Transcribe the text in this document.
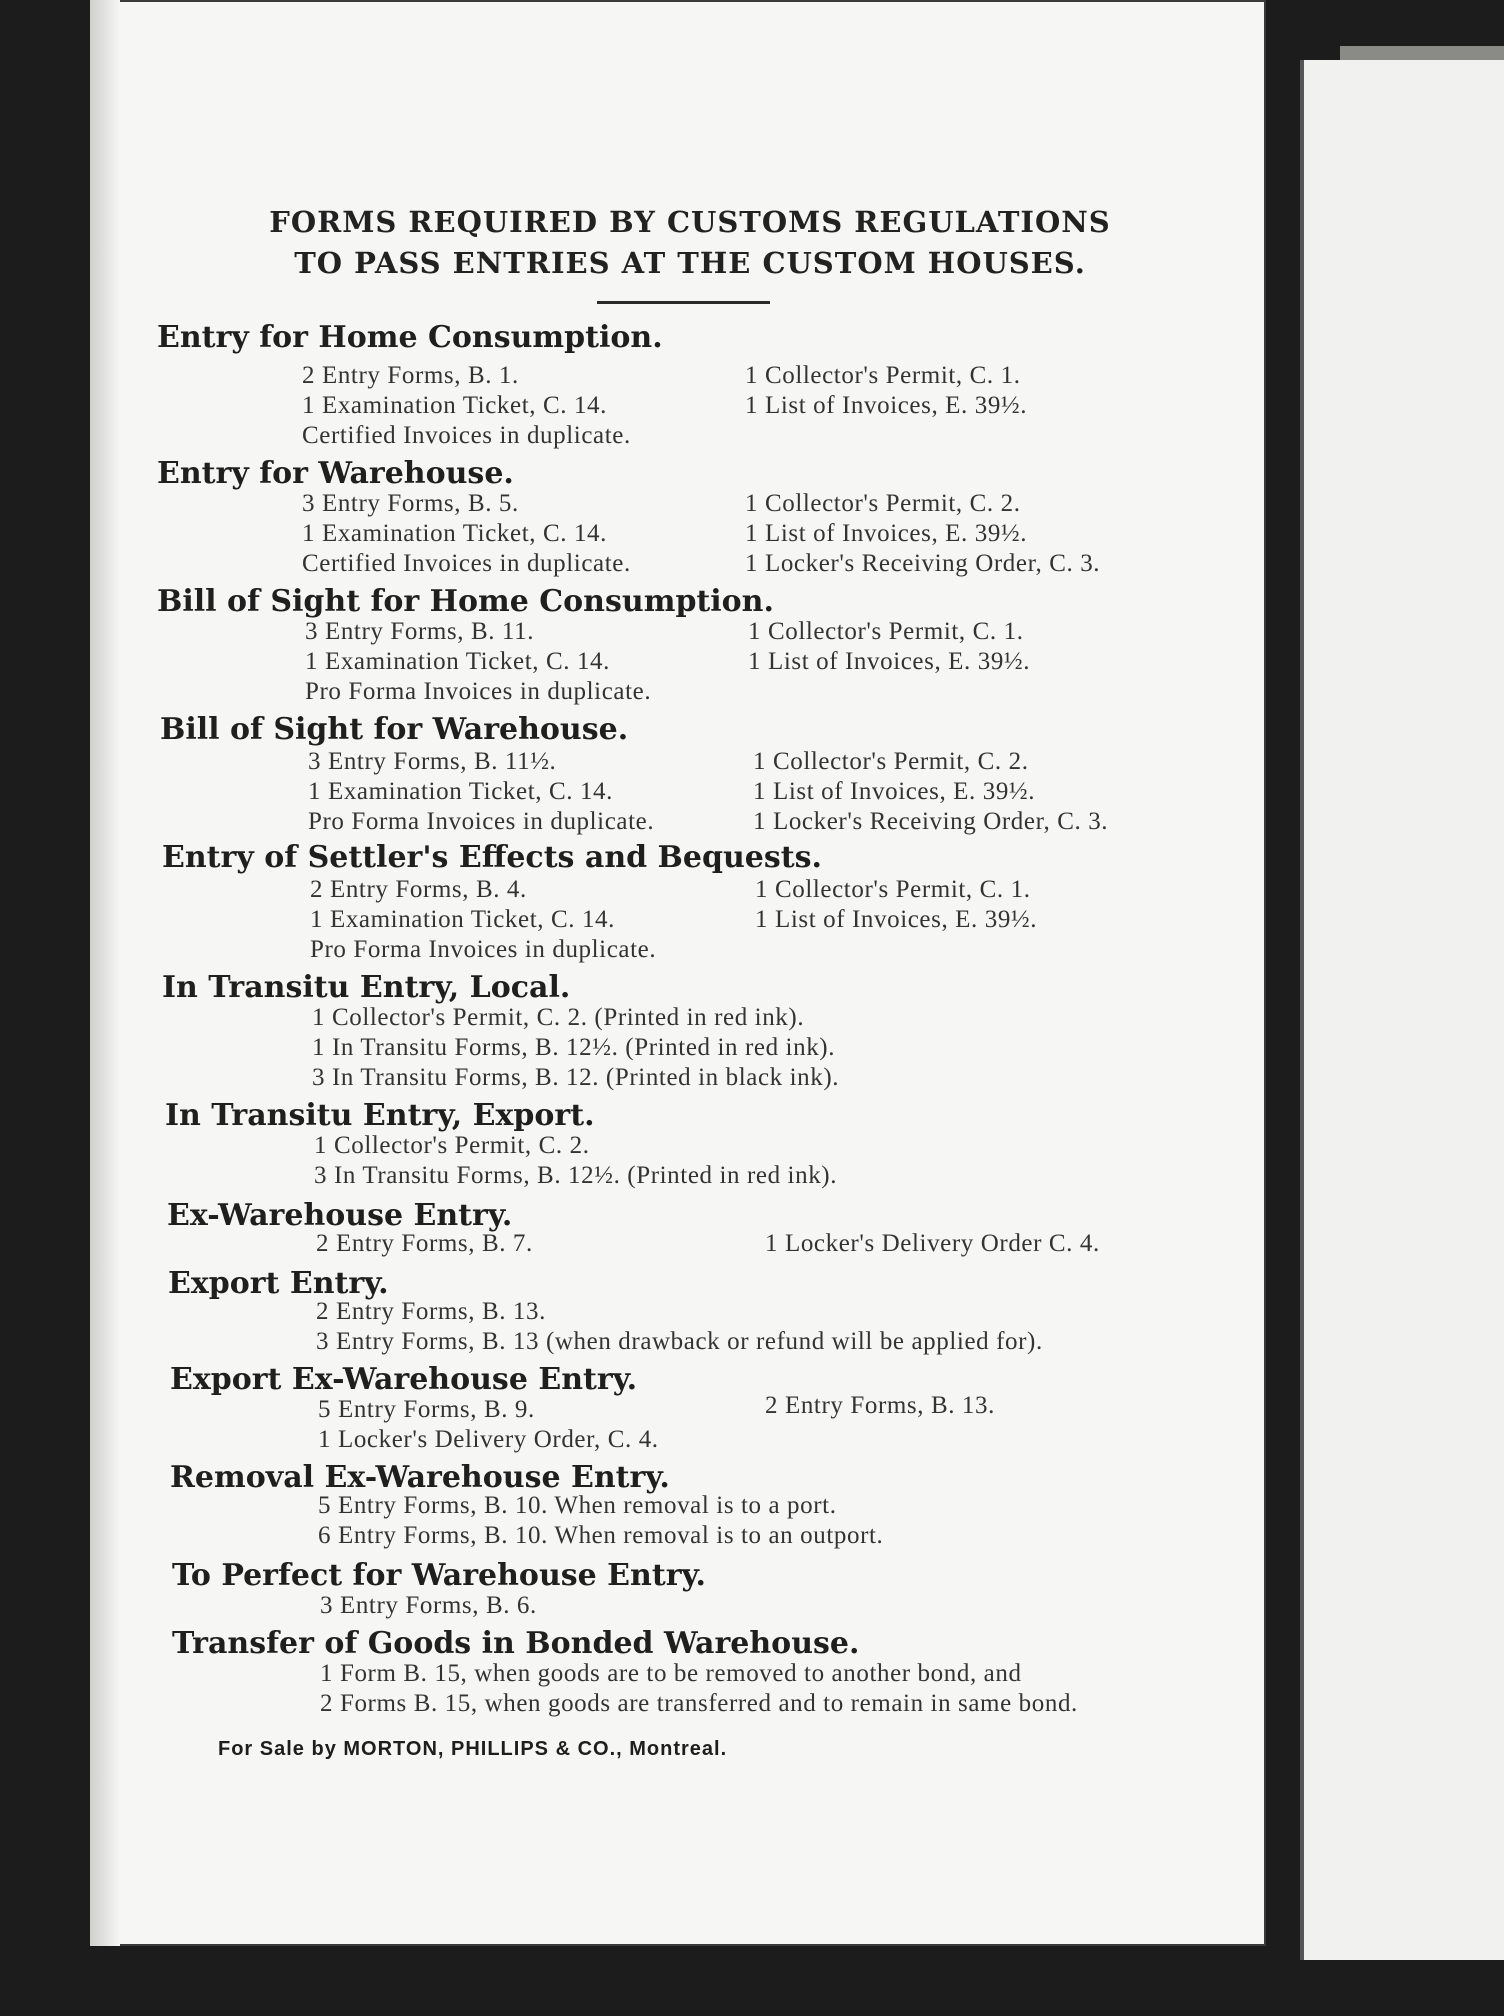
FORMS REQUIRED BY CUSTOMS REGULATIONS
TO PASS ENTRIES AT THE CUSTOM HOUSES.
Entry for Home Consumption.
2 Entry Forms, B. 1.	1 Collector's Permit, C. 1.
1 Examination Ticket, C. 14.	1 List of Invoices, E. 39½.
Certified Invoices in duplicate.
Entry for Warehouse.
3 Entry Forms, B. 5.	1 Collector's Permit, C. 2.
1 Examination Ticket, C. 14.	1 List of Invoices, E. 39½.
Certified Invoices in duplicate.	1 Locker's Receiving Order, C. 3.
Bill of Sight for Home Consumption.
3 Entry Forms, B. 11.	1 Collector's Permit, C. 1.
1 Examination Ticket, C. 14.	1 List of Invoices, E. 39½.
Pro Forma Invoices in duplicate.
Bill of Sight for Warehouse.
3 Entry Forms, B. 11½.	1 Collector's Permit, C. 2.
1 Examination Ticket, C. 14.	1 List of Invoices, E. 39½.
Pro Forma Invoices in duplicate.	1 Locker's Receiving Order, C. 3.
Entry of Settler's Effects and Bequests.
2 Entry Forms, B. 4.	1 Collector's Permit, C. 1.
1 Examination Ticket, C. 14.	1 List of Invoices, E. 39½.
Pro Forma Invoices in duplicate.
In Transitu Entry, Local.
1 Collector's Permit, C. 2. (Printed in red ink).
1 In Transitu Forms, B. 12½. (Printed in red ink).
3 In Transitu Forms, B. 12. (Printed in black ink).
In Transitu Entry, Export.
1 Collector's Permit, C. 2.
3 In Transitu Forms, B. 12½. (Printed in red ink).
Ex-Warehouse Entry.
2 Entry Forms, B. 7.	1 Locker's Delivery Order C. 4.
Export Entry.
2 Entry Forms, B. 13.
3 Entry Forms, B. 13 (when drawback or refund will be applied for).
Export Ex-Warehouse Entry.
5 Entry Forms, B. 9.	2 Entry Forms, B. 13.
1 Locker's Delivery Order, C. 4.
Removal Ex-Warehouse Entry.
5 Entry Forms, B. 10. When removal is to a port.
6 Entry Forms, B. 10. When removal is to an outport.
To Perfect for Warehouse Entry.
3 Entry Forms, B. 6.
Transfer of Goods in Bonded Warehouse.
1 Form B. 15, when goods are to be removed to another bond, and
2 Forms B. 15, when goods are transferred and to remain in same bond.
For Sale by MORTON, PHILLIPS & CO., Montreal.
